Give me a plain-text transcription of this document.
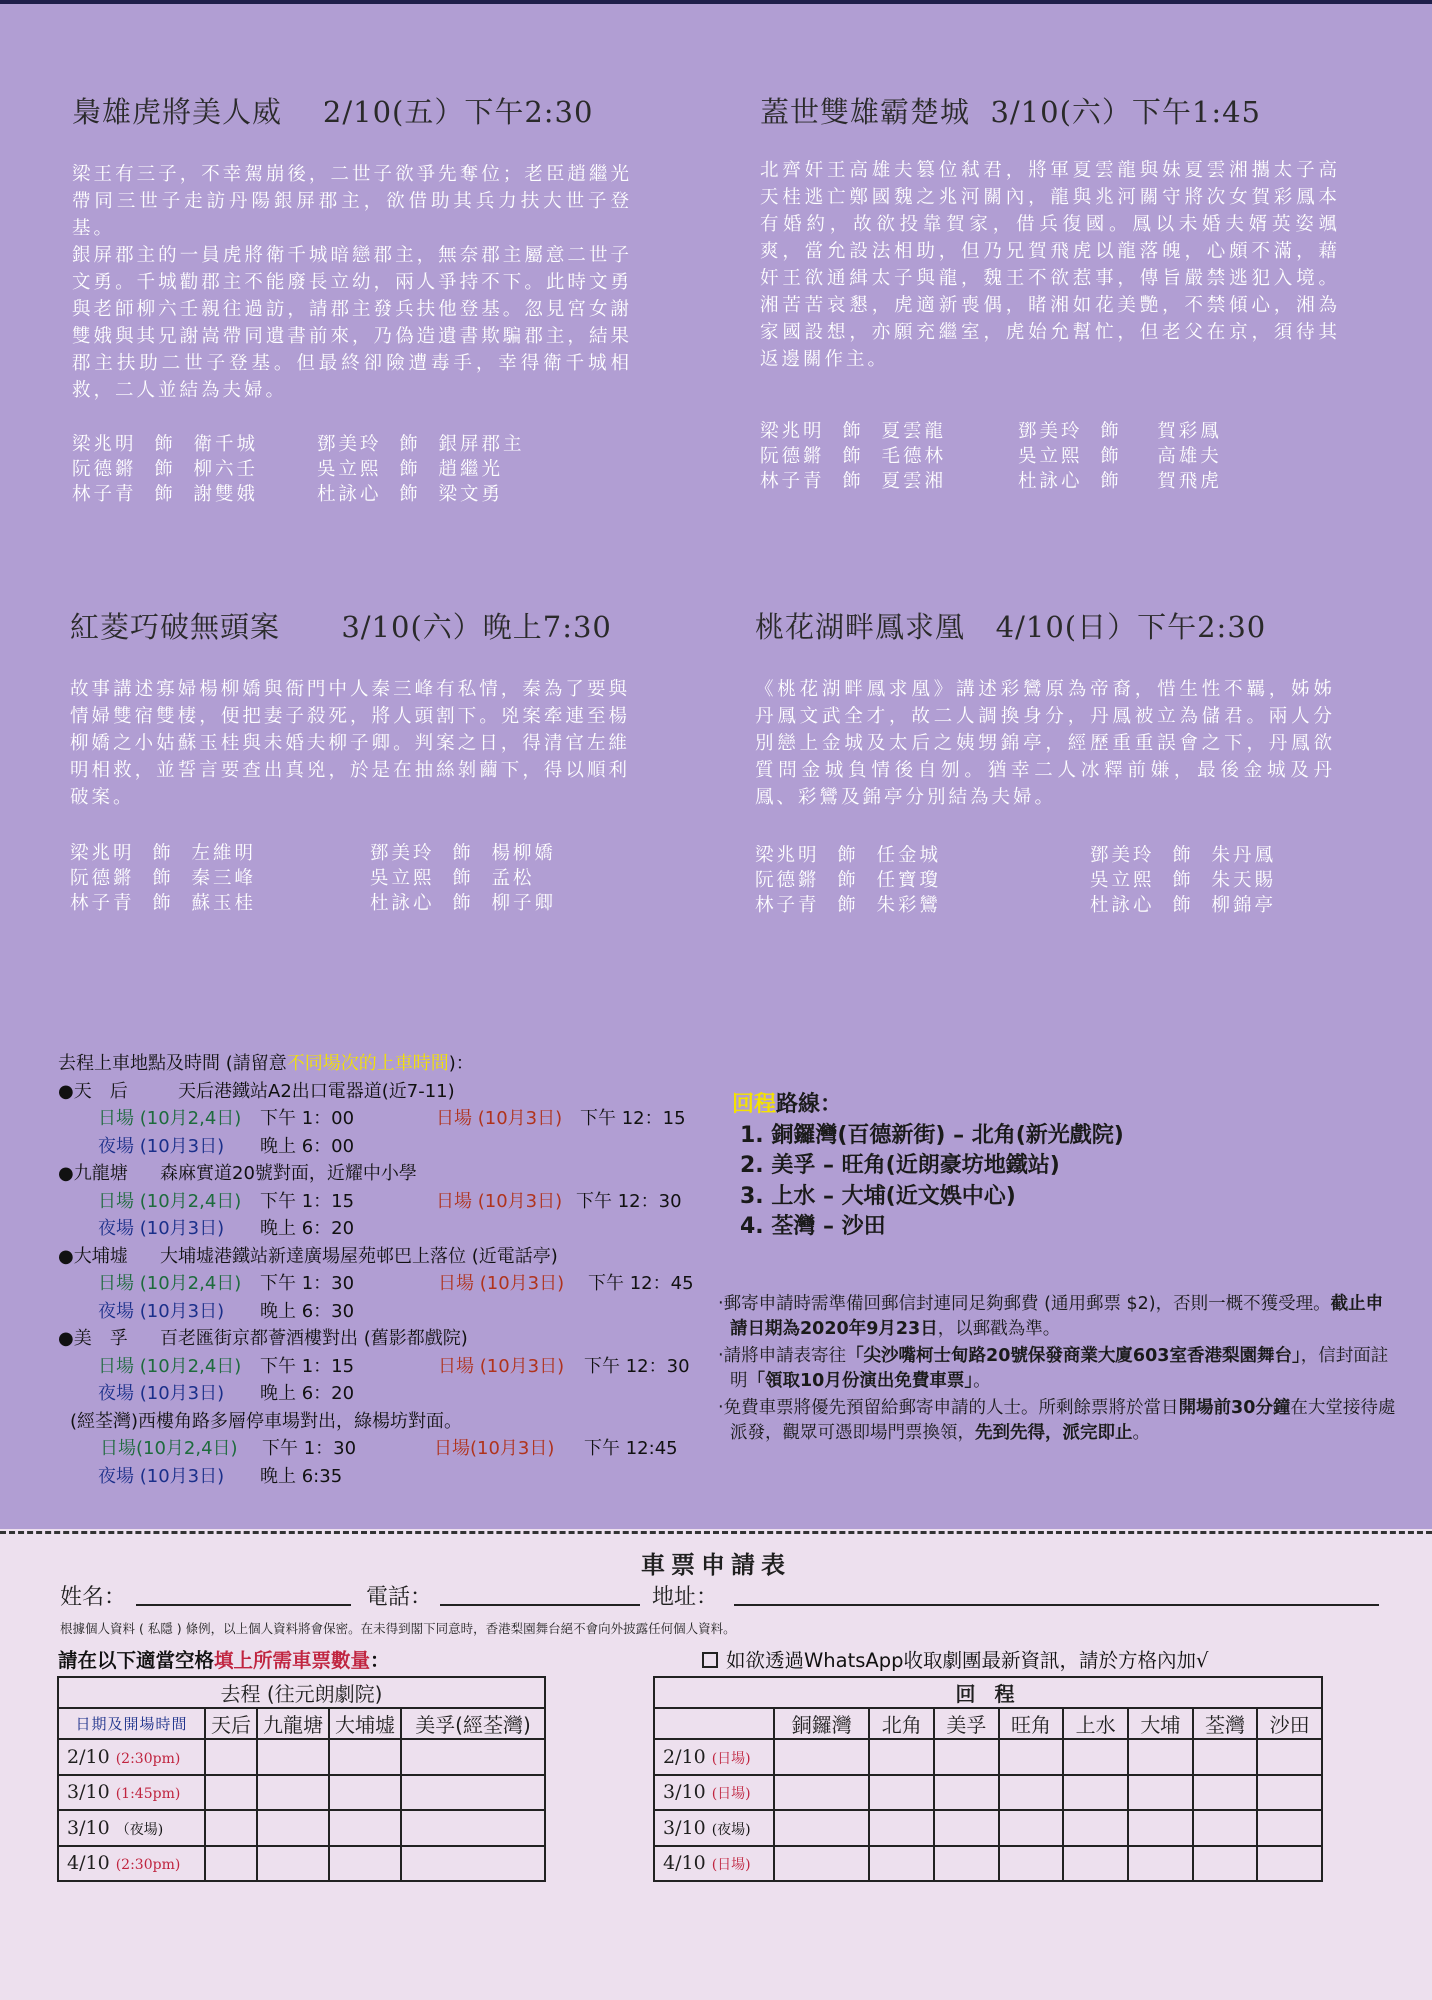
梟雄虎將美人威 2/10(五）下午2:30
梁王有三子，不幸駕崩後，二世子欲爭先奪位；老臣趙繼光帶同三世子走訪丹陽銀屏郡主，欲借助其兵力扶大世子登基。
銀屏郡主的一員虎將衛千城暗戀郡主，無奈郡主屬意二世子文勇。千城勸郡主不能廢長立幼，兩人爭持不下。此時文勇與老師柳六壬親往過訪，請郡主發兵扶他登基。忽見宮女謝雙娥與其兄謝嵩帶同遺書前來，乃偽造遺書欺騙郡主，結果郡主扶助二世子登基。但最終卻險遭毒手，幸得衛千城相救，二人並結為夫婦。
梁兆明  飾  衛千城	鄧美玲  飾  銀屏郡主
阮德鏘  飾  柳六壬	吳立熙  飾  趙繼光
林子青  飾  謝雙娥	杜詠心  飾  梁文勇
蓋世雙雄霸楚城 3/10(六）下午1:45
北齊奸王高雄夫篡位弒君，將軍夏雲龍與妹夏雲湘攜太子高天桂逃亡鄭國魏之兆河關內，龍與兆河關守將次女賀彩鳳本有婚約，故欲投靠賀家，借兵復國。鳳以未婚夫婿英姿颯爽，當允設法相助，但乃兄賀飛虎以龍落魄，心頗不滿，藉奸王欲通緝太子與龍，魏王不欲惹事，傳旨嚴禁逃犯入境。湘苦苦哀懇，虎適新喪偶，睹湘如花美艷，不禁傾心，湘為家國設想，亦願充繼室，虎始允幫忙，但老父在京，須待其返邊關作主。
梁兆明  飾  夏雲龍	鄧美玲  飾    賀彩鳳
阮德鏘  飾  毛德林	吳立熙  飾    高雄夫
林子青  飾  夏雲湘	杜詠心  飾    賀飛虎
紅菱巧破無頭案 3/10(六）晚上7:30
故事講述寡婦楊柳嬌與衙門中人秦三峰有私情，秦為了要與情婦雙宿雙棲，便把妻子殺死，將人頭割下。兇案牽連至楊柳嬌之小姑蘇玉桂與未婚夫柳子卿。判案之日，得清官左維明相救，並誓言要查出真兇，於是在抽絲剝繭下，得以順利破案。
梁兆明  飾  左維明	鄧美玲  飾  楊柳嬌
阮德鏘  飾  秦三峰	吳立熙  飾  孟松
林子青  飾  蘇玉桂	杜詠心  飾  柳子卿
桃花湖畔鳳求凰 4/10(日）下午2:30
《桃花湖畔鳳求凰》講述彩鸞原為帝裔，惜生性不羈，姊姊丹鳳文武全才，故二人調換身分，丹鳳被立為儲君。兩人分別戀上金城及太后之姨甥錦亭，經歷重重誤會之下，丹鳳欲質問金城負情後自刎。猶幸二人冰釋前嫌，最後金城及丹鳳、彩鸞及錦亭分別結為夫婦。
梁兆明  飾  任金城	鄧美玲  飾  朱丹鳳
阮德鏘  飾  任寶瓊	吳立熙  飾  朱天賜
林子青  飾  朱彩鸞	杜詠心  飾  柳錦亭
去程上車地點及時間 (請留意不同場次的上車時間)：
●天　后	天后港鐵站A2出口電器道(近7-11)
日場 (10月2,4日) 下午 1：00	日場 (10月3日) 下午 12：15
夜場 (10月3日) 晚上 6：00
●九龍塘 森麻實道20號對面，近耀中小學
日場 (10月2,4日) 下午 1：15	日場 (10月3日) 下午 12：30
夜場 (10月3日) 晚上 6：20
●大埔墟 大埔墟港鐵站新達廣場屋苑邨巴上落位 (近電話亭)
日場 (10月2,4日) 下午 1：30	日場 (10月3日) 下午 12：45
夜場 (10月3日) 晚上 6：30
●美　孚 百老匯街京都薈酒樓對出 (舊影都戲院)
日場 (10月2,4日) 下午 1：15	日場 (10月3日) 下午 12：30
夜場 (10月3日) 晚上 6：20
(經荃灣)西樓角路多層停車場對出，綠楊坊對面。
日場(10月2,4日) 下午 1：30	日場(10月3日) 下午 12:45
夜場 (10月3日) 晚上 6:35
回程路線：
1. 銅鑼灣(百德新街) – 北角(新光戲院)
2. 美孚 – 旺角(近朗豪坊地鐵站)
3. 上水 – 大埔(近文娛中心)
4. 荃灣 – 沙田

‧郵寄申請時需準備回郵信封連同足夠郵費 (通用郵票 $2)，否則一概不獲受理。截止申請日期為2020年9月23日，以郵戳為準。

‧請將申請表寄往「尖沙嘴柯士甸路20號保發商業大廈603室香港梨園舞台」，信封面註明「領取10月份演出免費車票」。

‧免費車票將優先預留給郵寄申請的人士。所剩餘票將於當日開場前30分鐘在大堂接待處派發，觀眾可憑即場門票換領，先到先得，派完即止。

車票申請表
姓名：	電話：	地址：
根據個人資料 ( 私隱 ) 條例，以上個人資料將會保密。在未得到閣下同意時，香港梨園舞台絕不會向外披露任何個人資料。
請在以下適當空格填上所需車票數量：	如欲透過WhatsApp收取劇團最新資訊，請於方格內加√
去程 (往元朗劇院)				
日期及開場時間	天后	九龍塘	大埔墟	美孚(經荃灣)
2/10 (2:30pm)				
3/10 (1:45pm)				
3/10 （夜場)				
4/10 (2:30pm)				
回 程								
	銅鑼灣	北角	美孚	旺角	上水	大埔	荃灣	沙田
2/10 (日場)								
3/10 (日場)								
3/10 (夜場)								
4/10 (日場)								
